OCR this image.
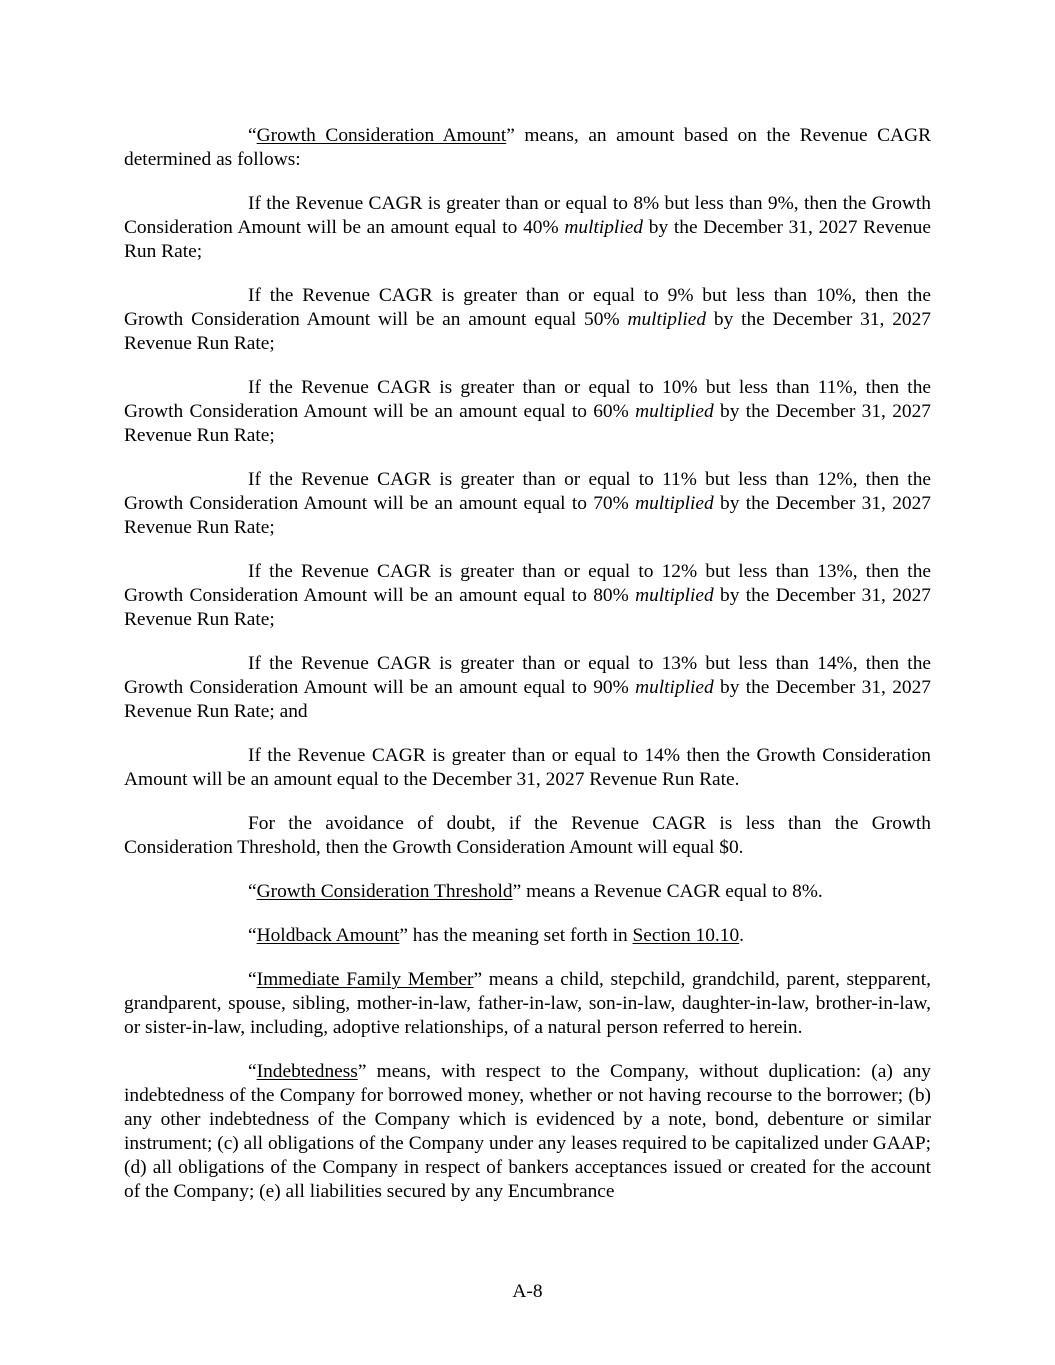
“Growth Consideration Amount” means, an amount based on the Revenue CAGR determined as follows:

If the Revenue CAGR is greater than or equal to 8% but less than 9%, then the Growth Consideration Amount will be an amount equal to 40% multiplied by the December 31, 2027 Revenue Run Rate;

If the Revenue CAGR is greater than or equal to 9% but less than 10%, then the Growth Consideration Amount will be an amount equal 50% multiplied by the December 31, 2027 Revenue Run Rate;

If the Revenue CAGR is greater than or equal to 10% but less than 11%, then the Growth Consideration Amount will be an amount equal to 60% multiplied by the December 31, 2027 Revenue Run Rate;

If the Revenue CAGR is greater than or equal to 11% but less than 12%, then the Growth Consideration Amount will be an amount equal to 70% multiplied by the December 31, 2027 Revenue Run Rate;

If the Revenue CAGR is greater than or equal to 12% but less than 13%, then the Growth Consideration Amount will be an amount equal to 80% multiplied by the December 31, 2027 Revenue Run Rate;

If the Revenue CAGR is greater than or equal to 13% but less than 14%, then the Growth Consideration Amount will be an amount equal to 90% multiplied by the December 31, 2027 Revenue Run Rate; and

If the Revenue CAGR is greater than or equal to 14% then the Growth Consideration Amount will be an amount equal to the December 31, 2027 Revenue Run Rate.

For the avoidance of doubt, if the Revenue CAGR is less than the Growth Consideration Threshold, then the Growth Consideration Amount will equal $0.

“Growth Consideration Threshold” means a Revenue CAGR equal to 8%.

“Holdback Amount” has the meaning set forth in Section 10.10.

“Immediate Family Member” means a child, stepchild, grandchild, parent, stepparent, grandparent, spouse, sibling, mother-in-law, father-in-law, son-in-law, daughter-in-law, brother-in-law, or sister-in-law, including, adoptive relationships, of a natural person referred to herein.

“Indebtedness” means, with respect to the Company, without duplication: (a) any indebtedness of the Company for borrowed money, whether or not having recourse to the borrower; (b) any other indebtedness of the Company which is evidenced by a note, bond, debenture or similar instrument; (c) all obligations of the Company under any leases required to be capitalized under GAAP; (d) all obligations of the Company in respect of bankers acceptances issued or created for the account of the Company; (e) all liabilities secured by any Encumbrance

A-8
